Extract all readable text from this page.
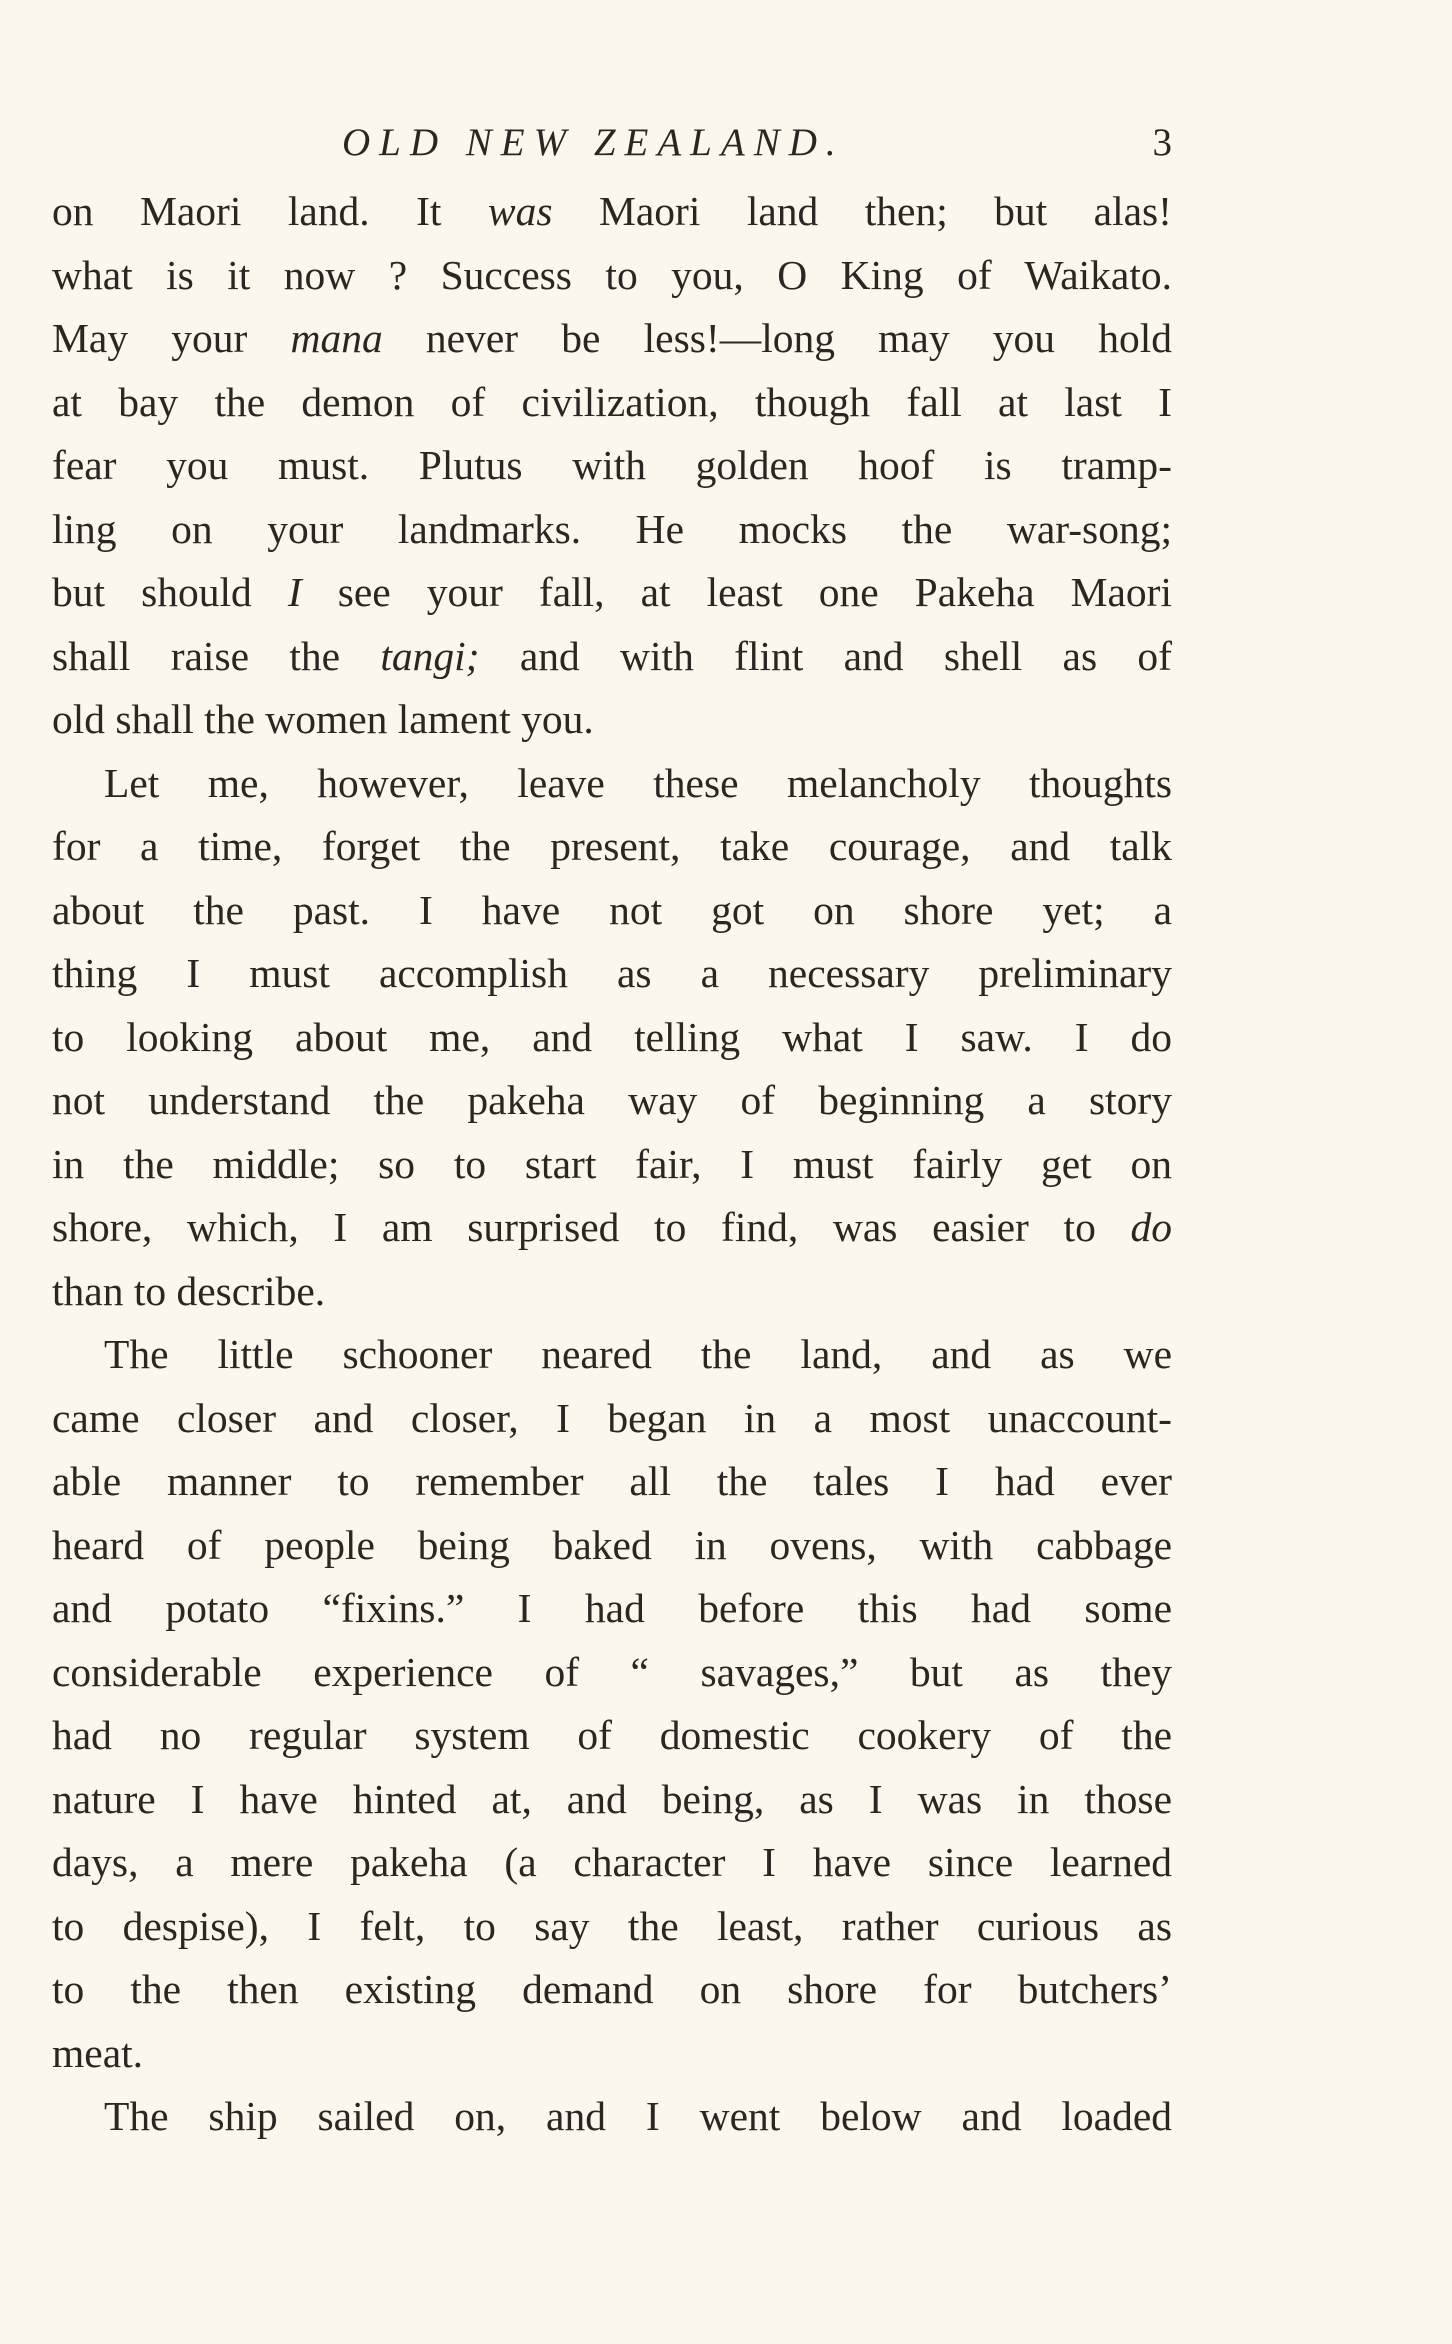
OLD NEW ZEALAND.	3
on Maori land. It was Maori land then; but alas!
what is it now ? Success to you, O King of Waikato.
May your mana never be less!—long may you hold
at bay the demon of civilization, though fall at last I
fear you must. Plutus with golden hoof is tramp-
ling on your landmarks. He mocks the war-song;
but should I see your fall, at least one Pakeha Maori
shall raise the tangi; and with flint and shell as of
old shall the women lament you.
Let me, however, leave these melancholy thoughts
for a time, forget the present, take courage, and talk
about the past. I have not got on shore yet; a
thing I must accomplish as a necessary preliminary
to looking about me, and telling what I saw. I do
not understand the pakeha way of beginning a story
in the middle; so to start fair, I must fairly get on
shore, which, I am surprised to find, was easier to do
than to describe.
The little schooner neared the land, and as we
came closer and closer, I began in a most unaccount-
able manner to remember all the tales I had ever
heard of people being baked in ovens, with cabbage
and potato “fixins.” I had before this had some
considerable experience of “ savages,” but as they
had no regular system of domestic cookery of the
nature I have hinted at, and being, as I was in those
days, a mere pakeha (a character I have since learned
to despise), I felt, to say the least, rather curious as
to the then existing demand on shore for butchers’
meat.
The ship sailed on, and I went below and loaded
